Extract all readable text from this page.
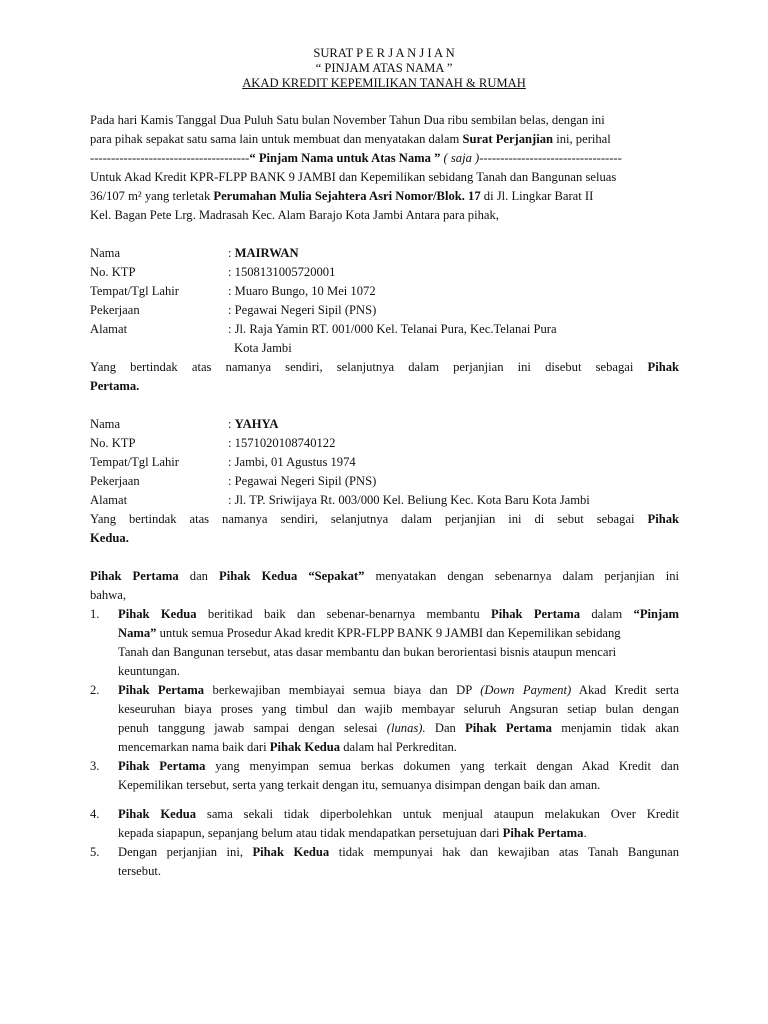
SURAT P E R J A N J I A N
“ PINJAM ATAS NAMA ”
AKAD KREDIT KEPEMILIKAN TANAH & RUMAH
Pada hari Kamis Tanggal Dua Puluh Satu bulan November Tahun Dua ribu sembilan belas, dengan ini
para pihak sepakat satu sama lain untuk membuat dan menyatakan dalam Surat Perjanjian ini, perihal
--------------------------------------“ Pinjam Nama untuk Atas Nama ” ( saja )----------------------------------
Untuk Akad Kredit KPR-FLPP BANK 9 JAMBI dan Kepemilikan sebidang Tanah dan Bangunan seluas
36/107 m² yang terletak Perumahan Mulia Sejahtera Asri Nomor/Blok. 17 di Jl. Lingkar Barat II
Kel. Bagan Pete Lrg. Madrasah Kec. Alam Barajo Kota Jambi Antara para pihak,
Nama	: MAIRWAN
No. KTP	: 1508131005720001
Tempat/Tgl Lahir	: Muaro Bungo, 10 Mei 1072
Pekerjaan	: Pegawai Negeri Sipil (PNS)
Alamat	: Jl. Raja Yamin RT. 001/000 Kel. Telanai Pura, Kec.Telanai Pura
Kota Jambi
Yang bertindak atas namanya sendiri, selanjutnya dalam perjanjian ini disebut sebagai Pihak
Pertama.
Nama	: YAHYA
No. KTP	: 1571020108740122
Tempat/Tgl Lahir	: Jambi, 01 Agustus 1974
Pekerjaan	: Pegawai Negeri Sipil (PNS)
Alamat	: Jl. TP. Sriwijaya Rt. 003/000 Kel. Beliung Kec. Kota Baru Kota Jambi
Yang bertindak atas namanya sendiri, selanjutnya dalam perjanjian ini di sebut sebagai Pihak
Kedua.
Pihak Pertama dan Pihak Kedua “Sepakat” menyatakan dengan sebenarnya dalam perjanjian ini
bahwa,
1. Pihak Kedua beritikad baik dan sebenar-benarnya membantu Pihak Pertama dalam “Pinjam
Nama” untuk semua Prosedur Akad kredit KPR-FLPP BANK 9 JAMBI dan Kepemilikan sebidang
Tanah dan Bangunan tersebut, atas dasar membantu dan bukan berorientasi bisnis ataupun mencari
keuntungan.
2. Pihak Pertama berkewajiban membiayai semua biaya dan DP (Down Payment) Akad Kredit serta
keseuruhan biaya proses yang timbul dan wajib membayar seluruh Angsuran setiap bulan dengan
penuh tanggung jawab sampai dengan selesai (lunas). Dan Pihak Pertama menjamin tidak akan
mencemarkan nama baik dari Pihak Kedua dalam hal Perkreditan.
3. Pihak Pertama yang menyimpan semua berkas dokumen yang terkait dengan Akad Kredit dan
Kepemilikan tersebut, serta yang terkait dengan itu, semuanya disimpan dengan baik dan aman.
4. Pihak Kedua sama sekali tidak diperbolehkan untuk menjual ataupun melakukan Over Kredit
kepada siapapun, sepanjang belum atau tidak mendapatkan persetujuan dari Pihak Pertama.
5. Dengan perjanjian ini, Pihak Kedua tidak mempunyai hak dan kewajiban atas Tanah Bangunan
tersebut.
